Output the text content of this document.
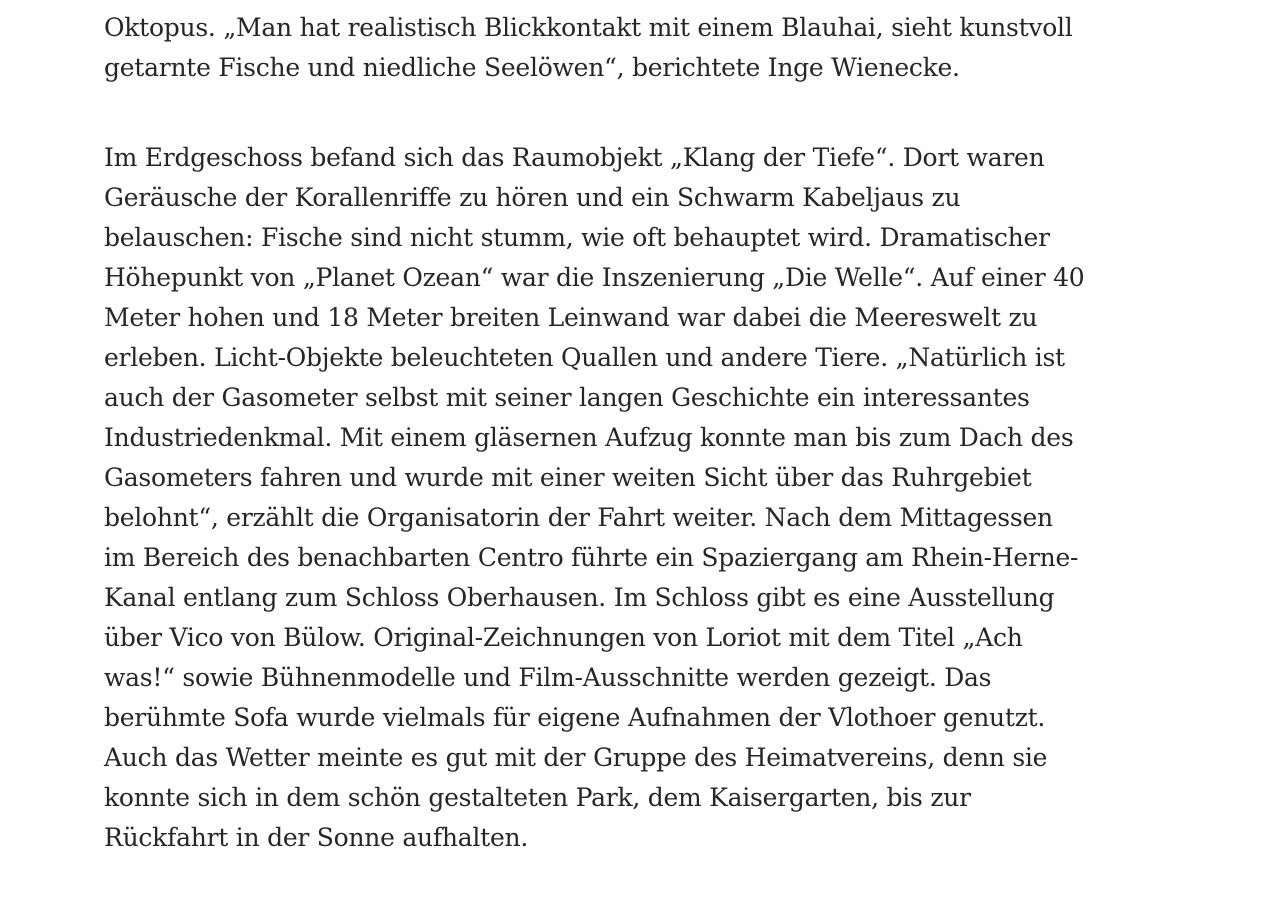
Oktopus. „Man hat realistisch Blickkontakt mit einem Blauhai, sieht kunstvoll
getarnte Fische und niedliche Seelöwen“, berichtete Inge Wienecke.
Im Erdgeschoss befand sich das Raumobjekt „Klang der Tiefe“. Dort waren
Geräusche der Korallenriffe zu hören und ein Schwarm Kabeljaus zu
belauschen: Fische sind nicht stumm, wie oft behauptet wird. Dramatischer
Höhepunkt von „Planet Ozean“ war die Inszenierung „Die Welle“. Auf einer 40
Meter hohen und 18 Meter breiten Leinwand war dabei die Meereswelt zu
erleben. Licht-Objekte beleuchteten Quallen und andere Tiere. „Natürlich ist
auch der Gasometer selbst mit seiner langen Geschichte ein interessantes
Industriedenkmal. Mit einem gläsernen Aufzug konnte man bis zum Dach des
Gasometers fahren und wurde mit einer weiten Sicht über das Ruhrgebiet
belohnt“, erzählt die Organisatorin der Fahrt weiter. Nach dem Mittagessen
im Bereich des benachbarten Centro führte ein Spaziergang am Rhein-Herne-
Kanal entlang zum Schloss Oberhausen. Im Schloss gibt es eine Ausstellung
über Vico von Bülow. Original-Zeichnungen von Loriot mit dem Titel „Ach
was!“ sowie Bühnenmodelle und Film-Ausschnitte werden gezeigt. Das
berühmte Sofa wurde vielmals für eigene Aufnahmen der Vlothoer genutzt.
Auch das Wetter meinte es gut mit der Gruppe des Heimatvereins, denn sie
konnte sich in dem schön gestalteten Park, dem Kaisergarten, bis zur
Rückfahrt in der Sonne aufhalten.
